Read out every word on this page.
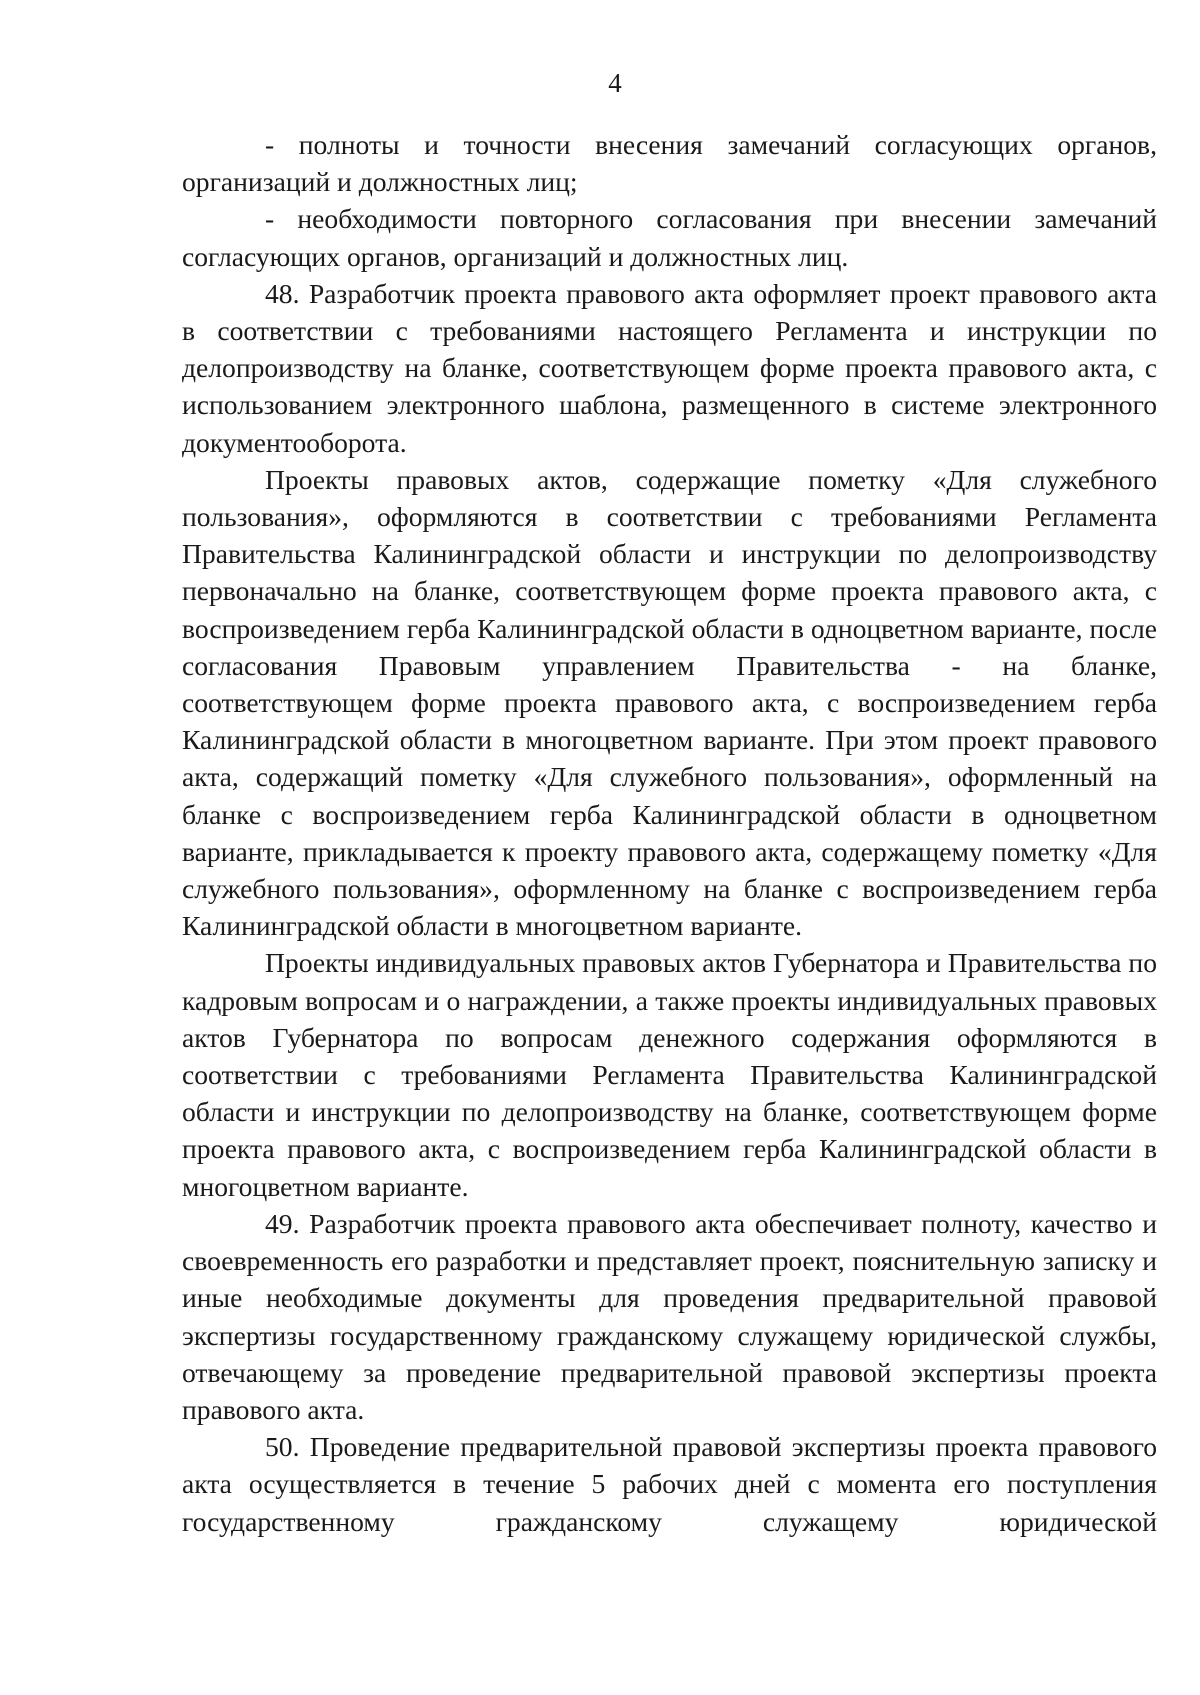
4

- полноты и точности внесения замечаний согласующих органов, организаций и должностных лиц;

- необходимости повторного согласования при внесении замечаний согласующих органов, организаций и должностных лиц.

48. Разработчик проекта правового акта оформляет проект правового акта в соответствии с требованиями настоящего Регламента и инструкции по делопроизводству на бланке, соответствующем форме проекта правового акта, с использованием электронного шаблона, размещенного в системе электронного документооборота.

Проекты правовых актов, содержащие пометку «Для служебного пользования», оформляются в соответствии с требованиями Регламента Правительства Калининградской области и инструкции по делопроизводству первоначально на бланке, соответствующем форме проекта правового акта, с воспроизведением герба Калининградской области в одноцветном варианте, после согласования Правовым управлением Правительства - на бланке, соответствующем форме проекта правового акта, с воспроизведением герба Калининградской области в многоцветном варианте. При этом проект правового акта, содержащий пометку «Для служебного пользования», оформленный на бланке с воспроизведением герба Калининградской области в одноцветном варианте, прикладывается к проекту правового акта, содержащему пометку «Для служебного пользования», оформленному на бланке с воспроизведением герба Калининградской области в многоцветном варианте.

Проекты индивидуальных правовых актов Губернатора и Правительства по кадровым вопросам и о награждении, а также проекты индивидуальных правовых актов Губернатора по вопросам денежного содержания оформляются в соответствии с требованиями Регламента Правительства Калининградской области и инструкции по делопроизводству на бланке, соответствующем форме проекта правового акта, с воспроизведением герба Калининградской области в многоцветном варианте.

49. Разработчик проекта правового акта обеспечивает полноту, качество и своевременность его разработки и представляет проект, пояснительную записку и иные необходимые документы для проведения предварительной правовой экспертизы государственному гражданскому служащему юридической службы, отвечающему за проведение предварительной правовой экспертизы проекта правового акта.

50. Проведение предварительной правовой экспертизы проекта правового акта осуществляется в течение 5 рабочих дней с момента его поступления государственному гражданскому служащему юридической
